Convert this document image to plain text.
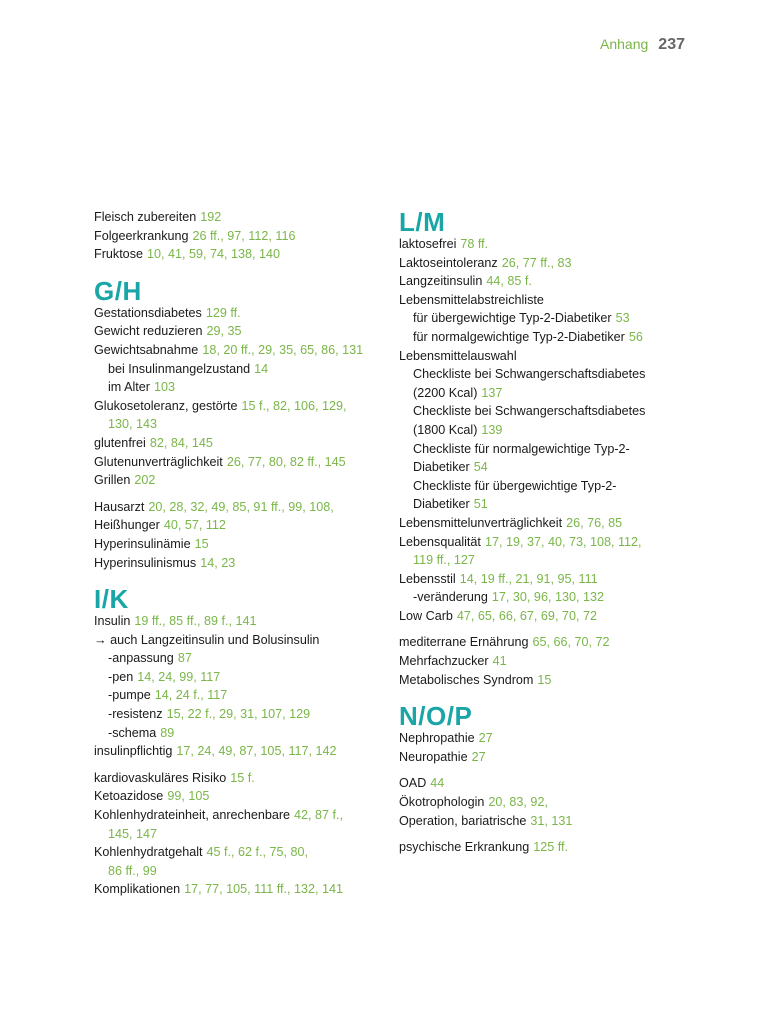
Anhang 237
Fleisch zubereiten 192
Folgeerkrankung 26 ff., 97, 112, 116
Fruktose 10, 41, 59, 74, 138, 140
G/H
Gestationsdiabetes 129 ff.
Gewicht reduzieren 29, 35
Gewichtsabnahme 18, 20 ff., 29, 35, 65, 86, 131
bei Insulinmangelzustand 14
im Alter 103
Glukosetoleranz, gestörte 15 f., 82, 106, 129,
130, 143
glutenfrei 82, 84, 145
Glutenunverträglichkeit 26, 77, 80, 82 ff., 145
Grillen 202
Hausarzt 20, 28, 32, 49, 85, 91 ff., 99, 108,
Heißhunger 40, 57, 112
Hyperinsulinämie 15
Hyperinsulinismus 14, 23
I/K
Insulin 19 ff., 85 ff., 89 f., 141
→ auch Langzeitinsulin und Bolusinsulin
-anpassung 87
-pen 14, 24, 99, 117
-pumpe 14, 24 f., 117
-resistenz 15, 22 f., 29, 31, 107, 129
-schema 89
insulinpflichtig 17, 24, 49, 87, 105, 117, 142
kardiovaskuläres Risiko 15 f.
Ketoazidose 99, 105
Kohlenhydrateinheit, anrechenbare 42, 87 f.,
145, 147
Kohlenhydratgehalt 45 f., 62 f., 75, 80,
86 ff., 99
Komplikationen 17, 77, 105, 111 ff., 132, 141
L/M
laktosefrei 78 ff.
Laktoseintoleranz 26, 77 ff., 83
Langzeitinsulin 44, 85 f.
Lebensmittelabstreichliste
für übergewichtige Typ-2-Diabetiker 53
für normalgewichtige Typ-2-Diabetiker 56
Lebensmittelauswahl
Checkliste bei Schwangerschaftsdiabetes
(2200 Kcal) 137
Checkliste bei Schwangerschaftsdiabetes
(1800 Kcal) 139
Checkliste für normalgewichtige Typ-2-
Diabetiker 54
Checkliste für übergewichtige Typ-2-
Diabetiker 51
Lebensmittelunverträglichkeit 26, 76, 85
Lebensqualität 17, 19, 37, 40, 73, 108, 112,
119 ff., 127
Lebensstil 14, 19 ff., 21, 91, 95, 111
-veränderung 17, 30, 96, 130, 132
Low Carb 47, 65, 66, 67, 69, 70, 72
mediterrane Ernährung 65, 66, 70, 72
Mehrfachzucker 41
Metabolisches Syndrom 15
N/O/P
Nephropathie 27
Neuropathie 27
OAD 44
Ökotrophologin 20, 83, 92,
Operation, bariatrische 31, 131
psychische Erkrankung 125 ff.
